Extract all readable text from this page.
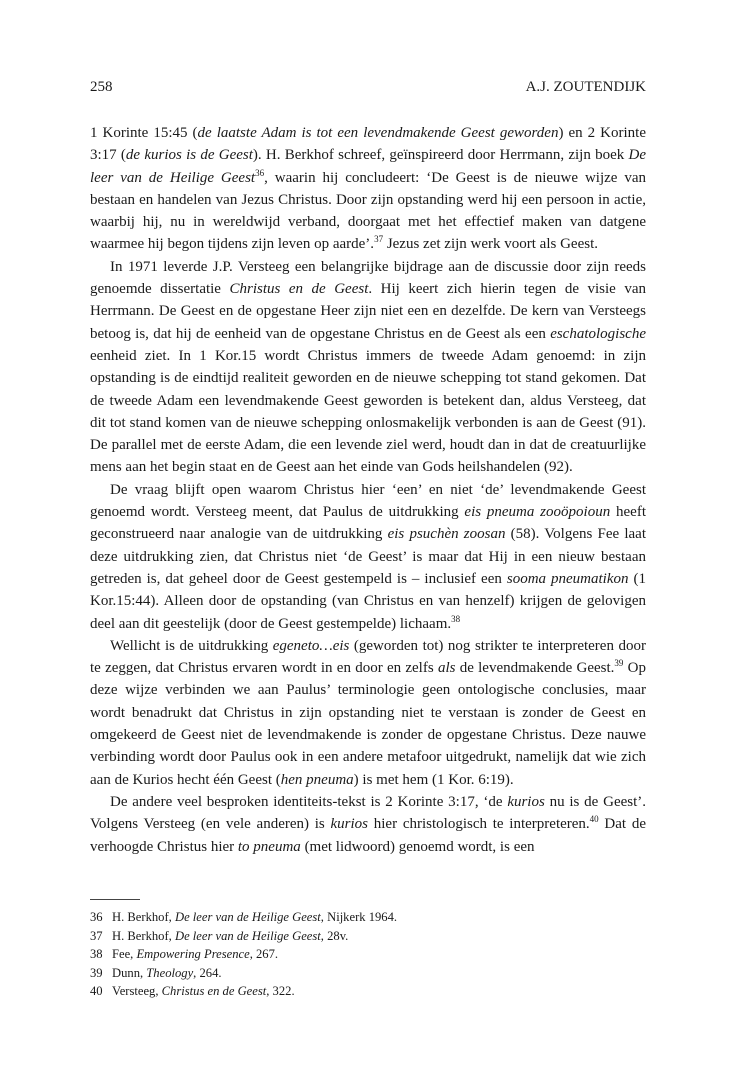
258	A.J. ZOUTENDIJK

1 Korinte 15:45 (de laatste Adam is tot een levendmakende Geest geworden) en 2 Korinte 3:17 (de kurios is de Geest). H. Berkhof schreef, geïnspireerd door Herrmann, zijn boek De leer van de Heilige Geest$^{36}$, waarin hij concludeert: ‘De Geest is de nieuwe wijze van bestaan en handelen van Jezus Christus. Door zijn opstanding werd hij een persoon in actie, waarbij hij, nu in wereldwijd verband, doorgaat met het effectief maken van datgene waarmee hij begon tijdens zijn leven op aarde’.$^{37}$ Jezus zet zijn werk voort als Geest.

In 1971 leverde J.P. Versteeg een belangrijke bijdrage aan de discussie door zijn reeds genoemde dissertatie Christus en de Geest. Hij keert zich hierin tegen de visie van Herrmann. De Geest en de opgestane Heer zijn niet een en dezelfde. De kern van Versteegs betoog is, dat hij de eenheid van de opgestane Christus en de Geest als een eschatologische eenheid ziet. In 1 Kor.15 wordt Christus immers de tweede Adam genoemd: in zijn opstanding is de eindtijd realiteit geworden en de nieuwe schepping tot stand gekomen. Dat de tweede Adam een levendmakende Geest geworden is betekent dan, aldus Versteeg, dat dit tot stand komen van de nieuwe schepping onlosmakelijk verbonden is aan de Geest (91). De parallel met de eerste Adam, die een levende ziel werd, houdt dan in dat de creatuurlijke mens aan het begin staat en de Geest aan het einde van Gods heilshandelen (92).

De vraag blijft open waarom Christus hier ‘een’ en niet ‘de’ levendmakende Geest genoemd wordt. Versteeg meent, dat Paulus de uitdrukking eis pneuma zooöpoioun heeft geconstrueerd naar analogie van de uitdrukking eis psuchèn zoosan (58). Volgens Fee laat deze uitdrukking zien, dat Christus niet ‘de Geest’ is maar dat Hij in een nieuw bestaan getreden is, dat geheel door de Geest gestempeld is – inclusief een sooma pneumatikon (1 Kor.15:44). Alleen door de opstanding (van Christus en van henzelf) krijgen de gelovigen deel aan dit geestelijk (door de Geest gestempelde) lichaam.$^{38}$

Wellicht is de uitdrukking egeneto…eis (geworden tot) nog strikter te interpreteren door te zeggen, dat Christus ervaren wordt in en door en zelfs als de levendmakende Geest.$^{39}$ Op deze wijze verbinden we aan Paulus’ terminologie geen ontologische conclusies, maar wordt benadrukt dat Christus in zijn opstanding niet te verstaan is zonder de Geest en omgekeerd de Geest niet de levendmakende is zonder de opgestane Christus. Deze nauwe verbinding wordt door Paulus ook in een andere metafoor uitgedrukt, namelijk dat wie zich aan de Kurios hecht één Geest (hen pneuma) is met hem (1 Kor. 6:19).

De andere veel besproken identiteits-tekst is 2 Korinte 3:17, ‘de kurios nu is de Geest’. Volgens Versteeg (en vele anderen) is kurios hier christologisch te interpreteren.$^{40}$ Dat de verhoogde Christus hier to pneuma (met lidwoord) genoemd wordt, is een

36 H. Berkhof, De leer van de Heilige Geest, Nijkerk 1964.
37 H. Berkhof, De leer van de Heilige Geest, 28v.
38 Fee, Empowering Presence, 267.
39 Dunn, Theology, 264.
40 Versteeg, Christus en de Geest, 322.
